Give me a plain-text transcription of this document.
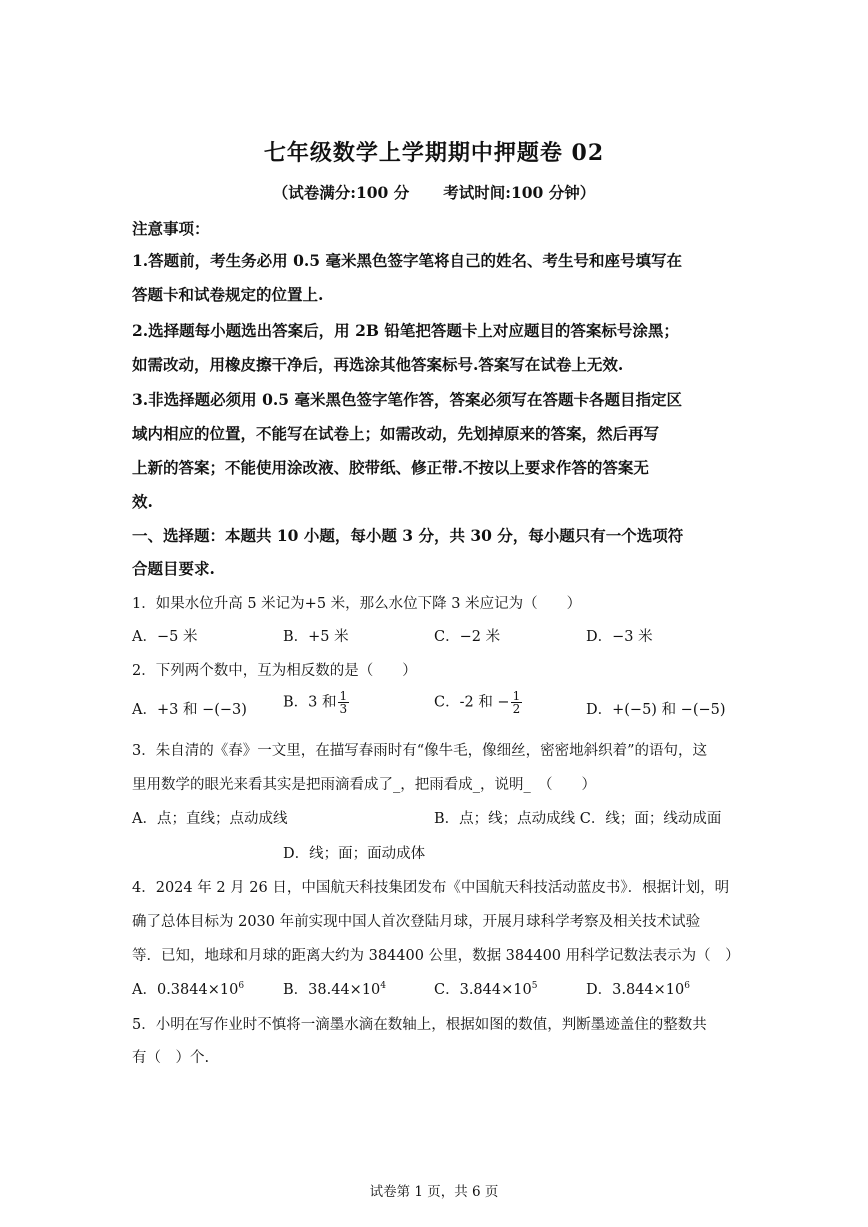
七年级数学上学期期中押题卷 02
（试卷满分:100 分 考试时间:100 分钟）
注意事项：
1.答题前，考生务必用 0.5 毫米黑色签字笔将自己的姓名、考生号和座号填写在
答题卡和试卷规定的位置上.
2.选择题每小题选出答案后，用 2B 铅笔把答题卡上对应题目的答案标号涂黑；
如需改动，用橡皮擦干净后，再选涂其他答案标号.答案写在试卷上无效.
3.非选择题必须用 0.5 毫米黑色签字笔作答，答案必须写在答题卡各题目指定区
域内相应的位置，不能写在试卷上；如需改动，先划掉原来的答案，然后再写
上新的答案；不能使用涂改液、胶带纸、修正带.不按以上要求作答的答案无
效.
一、选择题：本题共 10 小题，每小题 3 分，共 30 分，每小题只有一个选项符
合题目要求.
1．如果水位升高 5 米记为+5 米，那么水位下降 3 米应记为（　　）
A．−5 米	B．+5 米	C．−2 米	D．−3 米
2．下列两个数中，互为相反数的是（　　）
A．+3 和 −(−3) B．3 和 $\frac{1}{3}$	C．-2 和 − $\frac{1}{2}$	D．+(−5) 和 −(−5)
3．朱自清的《春》一文里，在描写春雨时有“像牛毛，像细丝，密密地斜织着”的语句，这
里用数学的眼光来看其实是把雨滴看成了_，把雨看成_，说明_　（　　）
A．点；直线；点动成线	B．点；线；点动成线 C．线；面；线动成面
D．线；面；面动成体
4．2024 年 2 月 26 日，中国航天科技集团发布《中国航天科技活动蓝皮书》．根据计划，明
确了总体目标为 2030 年前实现中国人首次登陆月球，开展月球科学考察及相关技术试验
等．已知，地球和月球的距离大约为 384400 公里，数据 384400 用科学记数法表示为（　）
A．$0.3844\times 10^6$	B．$38.44\times 10^4$	C．$3.844\times 10^5$	D．$3.844\times 10^6$
5．小明在写作业时不慎将一滴墨水滴在数轴上，根据如图的数值，判断墨迹盖住的整数共
有（　）个.
试卷第 1 页，共 6 页
